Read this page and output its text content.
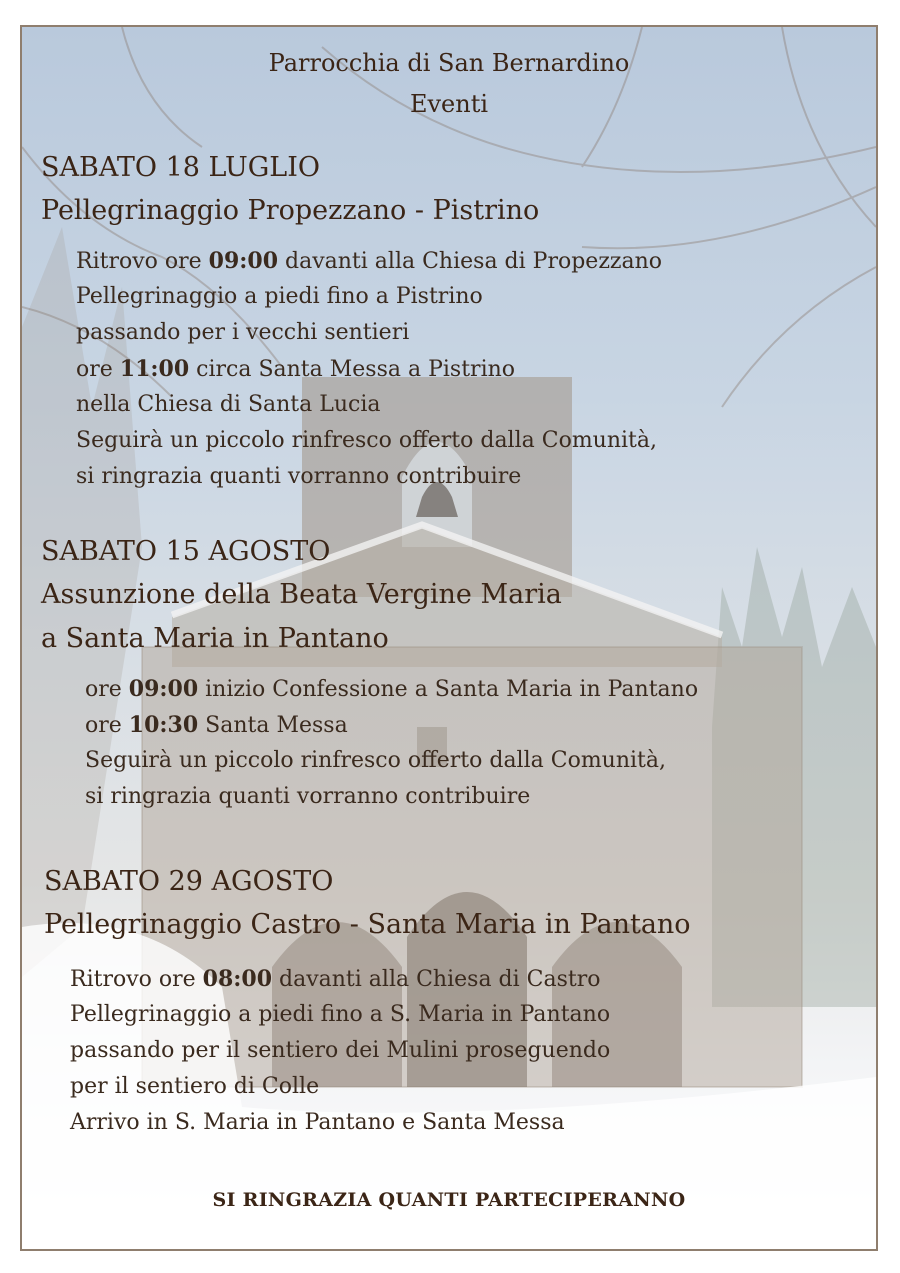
Parrocchia di San Bernardino

Eventi

SABATO 18 LUGLIO

Pellegrinaggio Propezzano - Pistrino

Ritrovo ore 09:00 davanti alla Chiesa di Propezzano

Pellegrinaggio a piedi fino a Pistrino

passando per i vecchi sentieri

ore 11:00 circa Santa Messa a Pistrino

nella Chiesa di Santa Lucia

Seguirà un piccolo rinfresco offerto dalla Comunità,

si ringrazia quanti vorranno contribuire

SABATO 15 AGOSTO

Assunzione della Beata Vergine Maria

a Santa Maria in Pantano

ore 09:00 inizio Confessione a Santa Maria in Pantano

ore 10:30 Santa Messa

Seguirà un piccolo rinfresco offerto dalla Comunità,

si ringrazia quanti vorranno contribuire

SABATO 29 AGOSTO

Pellegrinaggio Castro - Santa Maria in Pantano

Ritrovo ore 08:00 davanti alla Chiesa di Castro

Pellegrinaggio a piedi fino a S. Maria in Pantano

passando per il sentiero dei Mulini proseguendo

per il sentiero di Colle

Arrivo in S. Maria in Pantano e Santa Messa

SI RINGRAZIA QUANTI PARTECIPERANNO
